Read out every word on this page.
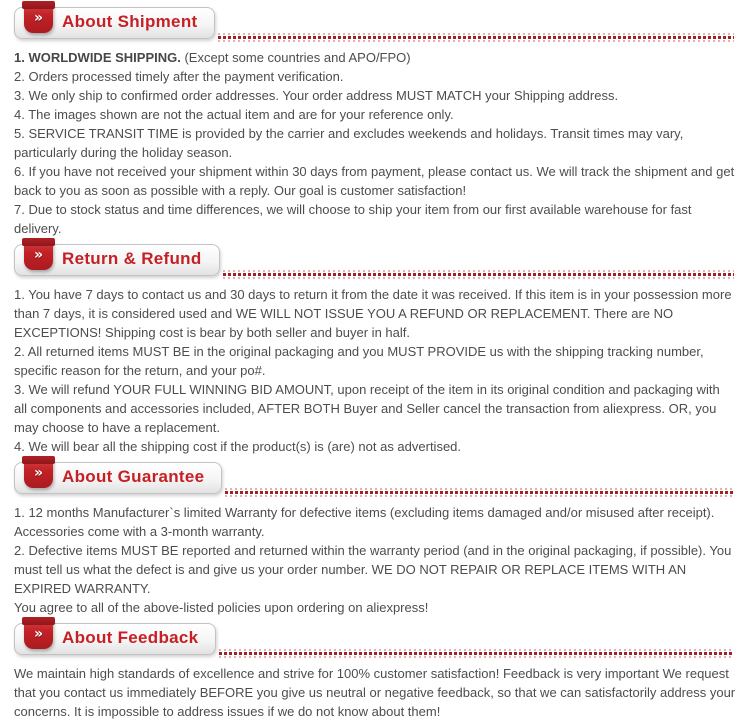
»	About Shipment

1. WORLDWIDE SHIPPING. (Except some countries and APO/FPO)

2. Orders processed timely after the payment verification.

3. We only ship to confirmed order addresses. Your order address MUST MATCH your Shipping address.

4. The images shown are not the actual item and are for your reference only.

5. SERVICE TRANSIT TIME is provided by the carrier and excludes weekends and holidays. Transit times may vary, particularly during the holiday season.

6. If you have not received your shipment within 30 days from payment, please contact us. We will track the shipment and get back to you as soon as possible with a reply. Our goal is customer satisfaction!

7. Due to stock status and time differences, we will choose to ship your item from our first available warehouse for fast delivery.

»	Return & Refund

1. You have 7 days to contact us and 30 days to return it from the date it was received. If this item is in your possession more than 7 days, it is considered used and WE WILL NOT ISSUE YOU A REFUND OR REPLACEMENT. There are NO EXCEPTIONS! Shipping cost is bear by both seller and buyer in half.

2. All returned items MUST BE in the original packaging and you MUST PROVIDE us with the shipping tracking number, specific reason for the return, and your po#.

3. We will refund YOUR FULL WINNING BID AMOUNT, upon receipt of the item in its original condition and packaging with all components and accessories included, AFTER BOTH Buyer and Seller cancel the transaction from aliexpress. OR, you may choose to have a replacement.

4. We will bear all the shipping cost if the product(s) is (are) not as advertised.

»	About Guarantee

1. 12 months Manufacturer`s limited Warranty for defective items (excluding items damaged and/or misused after receipt). Accessories come with a 3-month warranty.

2. Defective items MUST BE reported and returned within the warranty period (and in the original packaging, if possible). You must tell us what the defect is and give us your order number. WE DO NOT REPAIR OR REPLACE ITEMS WITH AN EXPIRED WARRANTY.

You agree to all of the above-listed policies upon ordering on aliexpress!

»	About Feedback

We maintain high standards of excellence and strive for 100% customer satisfaction! Feedback is very important We request that you contact us immediately BEFORE you give us neutral or negative feedback, so that we can satisfactorily address your concerns. It is impossible to address issues if we do not know about them!
